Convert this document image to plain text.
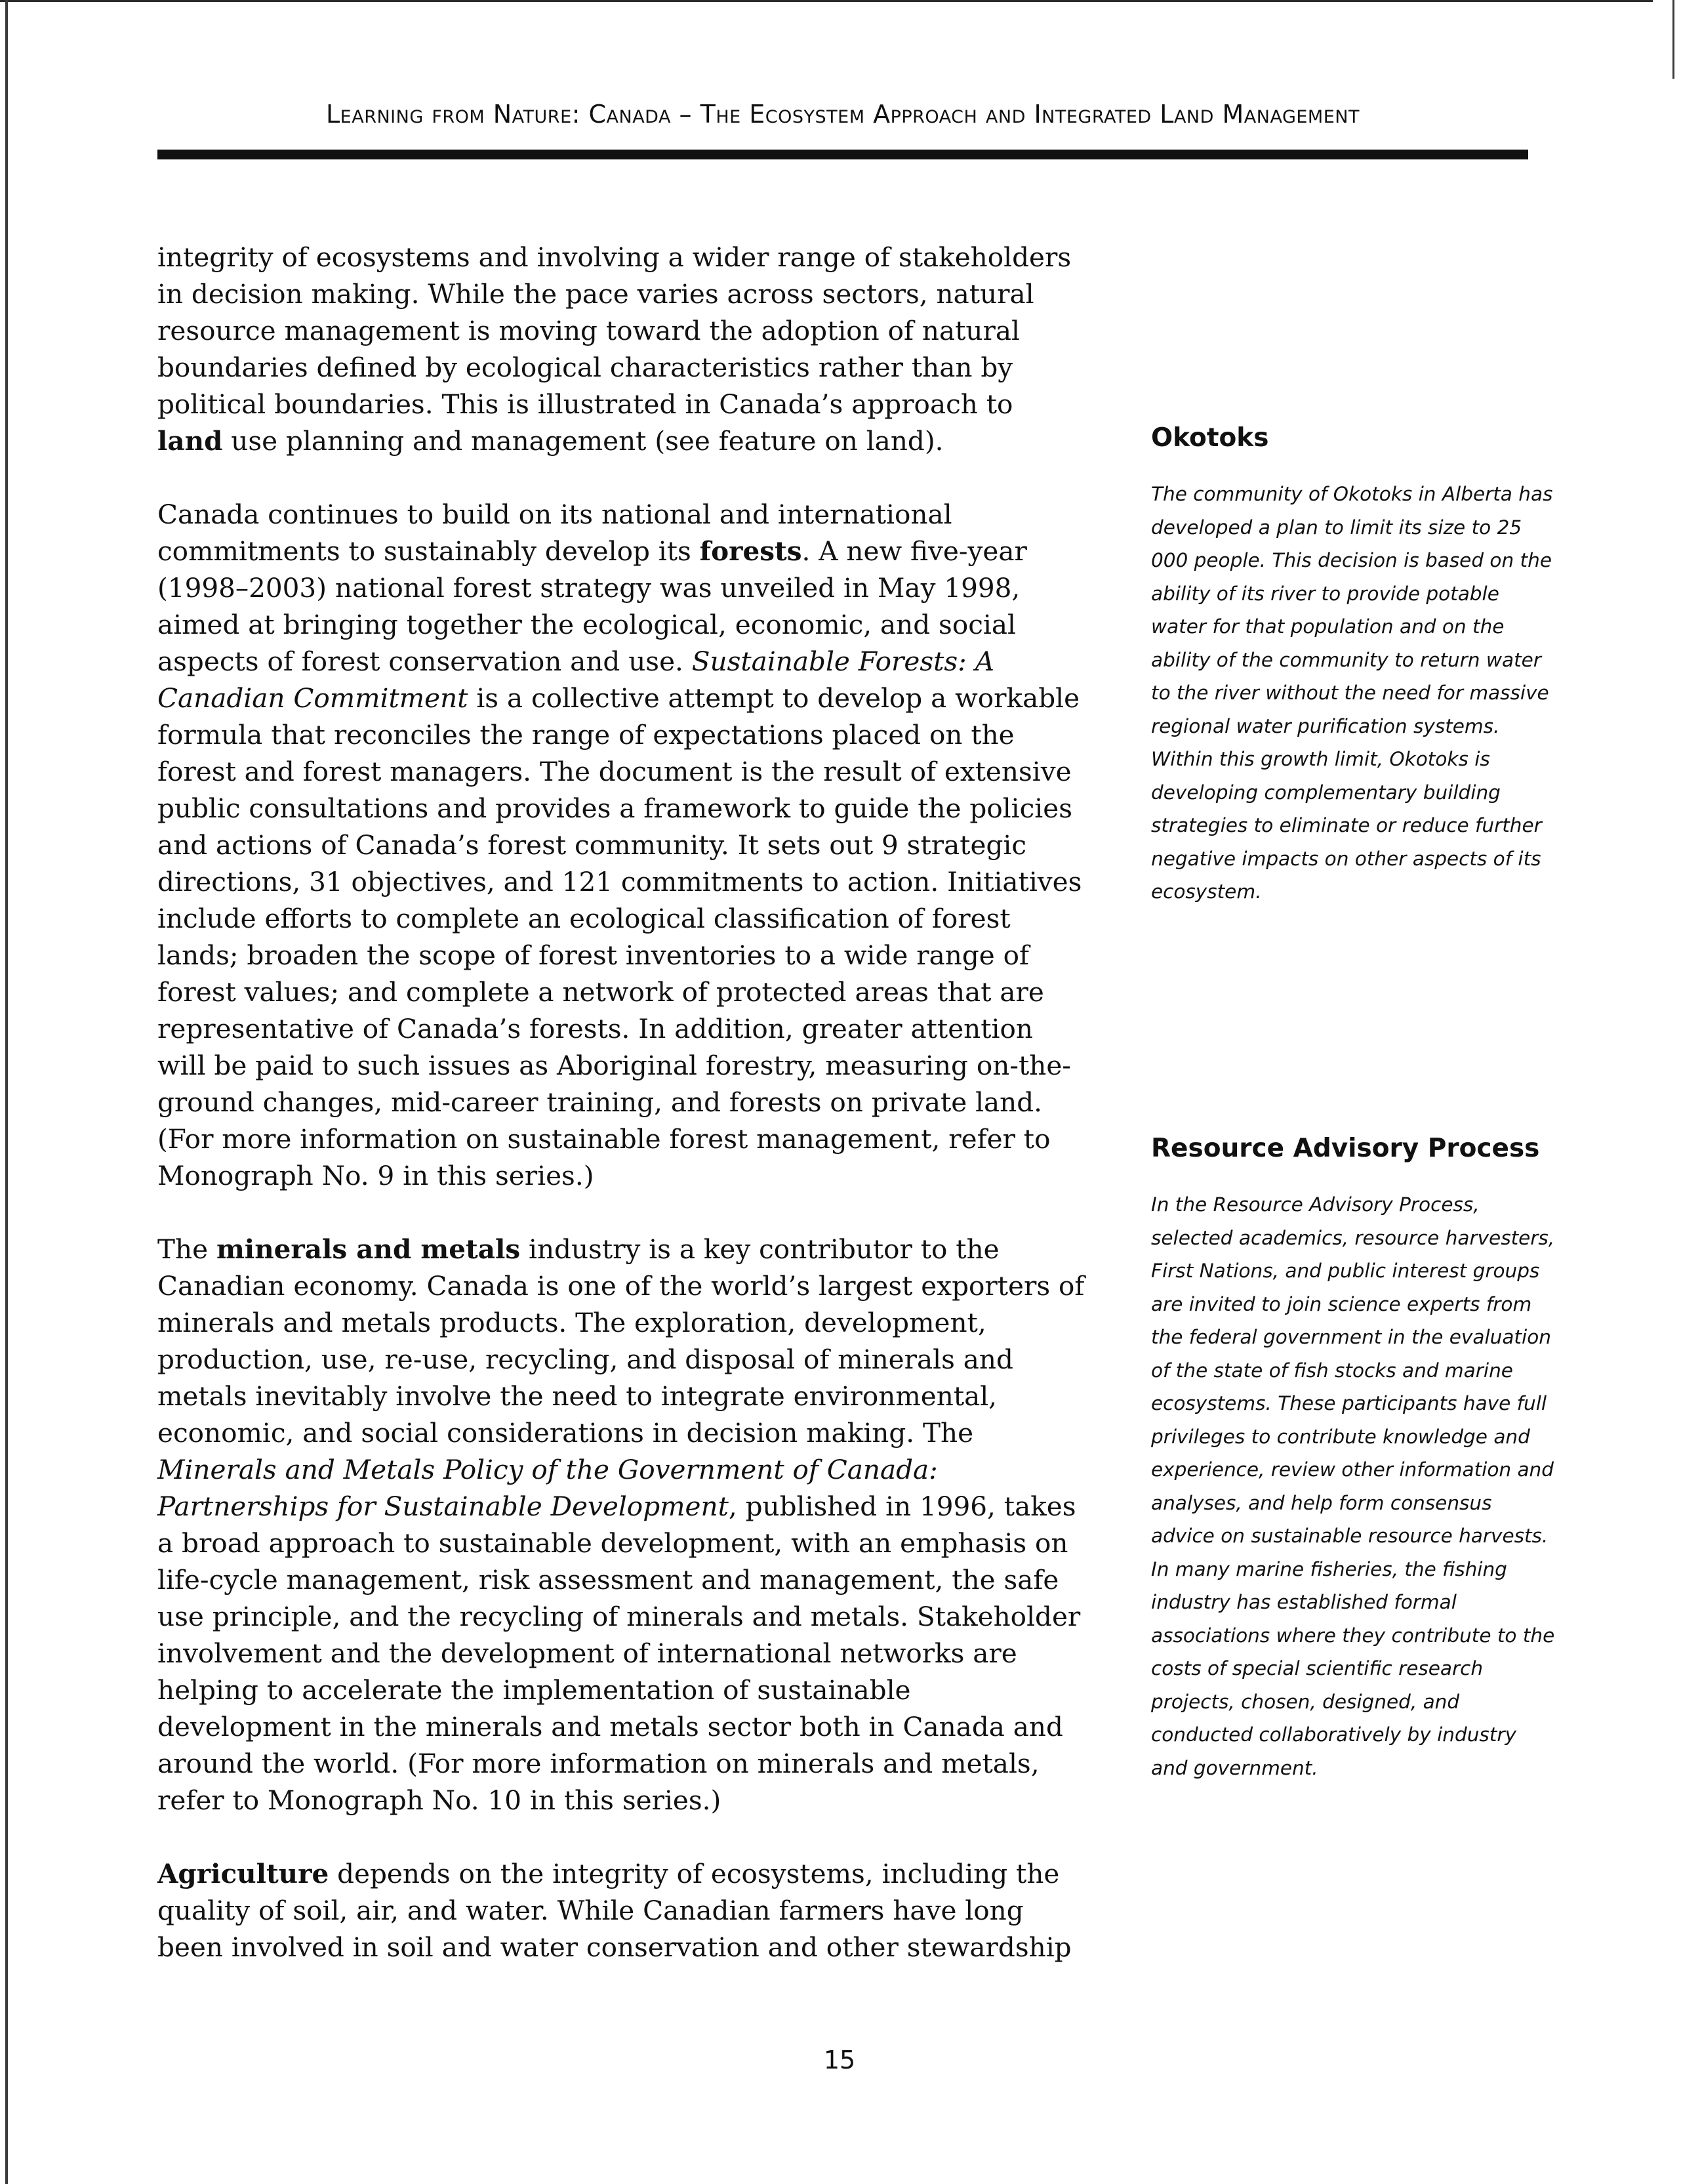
Learning from Nature: Canada – The Ecosystem Approach and Integrated Land Management

integrity of ecosystems and involving a wider range of stakeholders in decision making. While the pace varies across sectors, natural resource management is moving toward the adoption of natural boundaries defined by ecological characteristics rather than by political boundaries. This is illustrated in Canada’s approach to land use planning and management (see feature on land).

Canada continues to build on its national and international commitments to sustainably develop its forests. A new five-year (1998–2003) national forest strategy was unveiled in May 1998, aimed at bringing together the ecological, economic, and social aspects of forest conservation and use. Sustainable Forests: A Canadian Commitment is a collective attempt to develop a workable formula that reconciles the range of expectations placed on the forest and forest managers. The document is the result of extensive public consultations and provides a framework to guide the policies and actions of Canada’s forest community. It sets out 9 strategic directions, 31 objectives, and 121 commitments to action. Initiatives include efforts to complete an ecological classification of forest lands; broaden the scope of forest inventories to a wide range of forest values; and complete a network of protected areas that are representative of Canada’s forests. In addition, greater attention will be paid to such issues as Aboriginal forestry, measuring on-the-ground changes, mid-career training, and forests on private land. (For more information on sustainable forest management, refer to Monograph No. 9 in this series.)

The minerals and metals industry is a key contributor to the Canadian economy. Canada is one of the world’s largest exporters of minerals and metals products. The exploration, development, production, use, re-use, recycling, and disposal of minerals and metals inevitably involve the need to integrate environmental, economic, and social considerations in decision making. The Minerals and Metals Policy of the Government of Canada: Partnerships for Sustainable Development, published in 1996, takes a broad approach to sustainable development, with an emphasis on life-cycle management, risk assessment and management, the safe use principle, and the recycling of minerals and metals. Stakeholder involvement and the development of international networks are helping to accelerate the implementation of sustainable development in the minerals and metals sector both in Canada and around the world. (For more information on minerals and metals, refer to Monograph No. 10 in this series.)

Agriculture depends on the integrity of ecosystems, including the quality of soil, air, and water. While Canadian farmers have long been involved in soil and water conservation and other stewardship

Okotoks

The community of Okotoks in Alberta has developed a plan to limit its size to 25 000 people. This decision is based on the ability of its river to provide potable water for that population and on the ability of the community to return water to the river without the need for massive regional water purification systems. Within this growth limit, Okotoks is developing complementary building strategies to eliminate or reduce further negative impacts on other aspects of its ecosystem.

Resource Advisory Process

In the Resource Advisory Process, selected academics, resource harvesters, First Nations, and public interest groups are invited to join science experts from the federal government in the evaluation of the state of fish stocks and marine ecosystems. These participants have full privileges to contribute knowledge and experience, review other information and analyses, and help form consensus advice on sustainable resource harvests. In many marine fisheries, the fishing industry has established formal associations where they contribute to the costs of special scientific research projects, chosen, designed, and conducted collaboratively by industry and government.

15
